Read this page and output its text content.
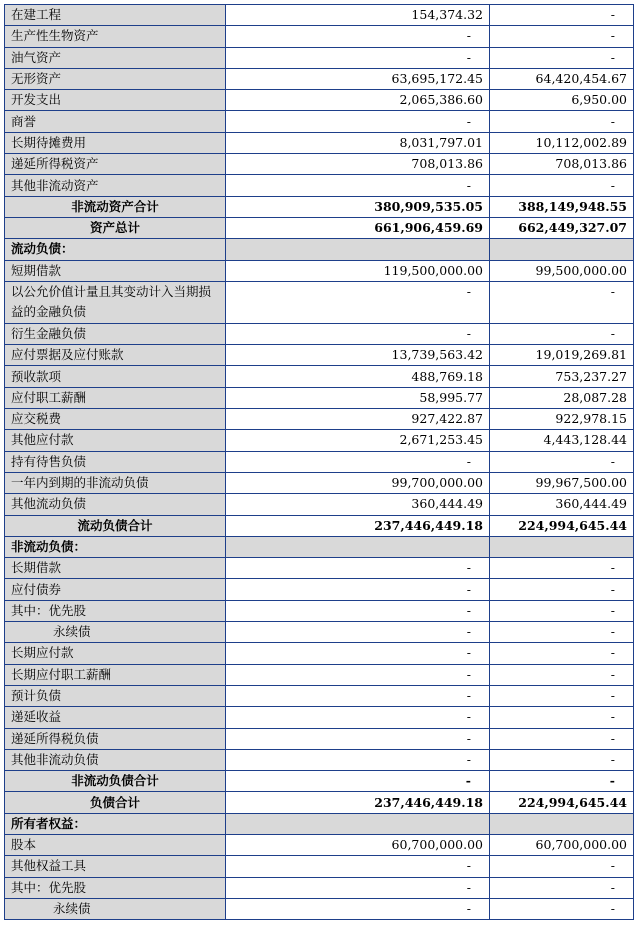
在建工程	154,374.32	-
生产性生物资产	-	-
油气资产	-	-
无形资产	63,695,172.45	64,420,454.67
开发支出	2,065,386.60	6,950.00
商誉	-	-
长期待摊费用	8,031,797.01	10,112,002.89
递延所得税资产	708,013.86	708,013.86
其他非流动资产	-	-
非流动资产合计	380,909,535.05	388,149,948.55
资产总计	661,906,459.69	662,449,327.07
流动负债：		
短期借款	119,500,000.00	99,500,000.00
以公允价值计量且其变动计入当期损益的金融负债	-	-
衍生金融负债	-	-
应付票据及应付账款	13,739,563.42	19,019,269.81
预收款项	488,769.18	753,237.27
应付职工薪酬	58,995.77	28,087.28
应交税费	927,422.87	922,978.15
其他应付款	2,671,253.45	4,443,128.44
持有待售负债	-	-
一年内到期的非流动负债	99,700,000.00	99,967,500.00
其他流动负债	360,444.49	360,444.49
流动负债合计	237,446,449.18	224,994,645.44
非流动负债：		
长期借款	-	-
应付债券	-	-
其中：优先股	-	-
永续债	-	-
长期应付款	-	-
长期应付职工薪酬	-	-
预计负债	-	-
递延收益	-	-
递延所得税负债	-	-
其他非流动负债	-	-
非流动负债合计	-	-
负债合计	237,446,449.18	224,994,645.44
所有者权益：		
股本	60,700,000.00	60,700,000.00
其他权益工具	-	-
其中：优先股	-	-
永续债	-	-
